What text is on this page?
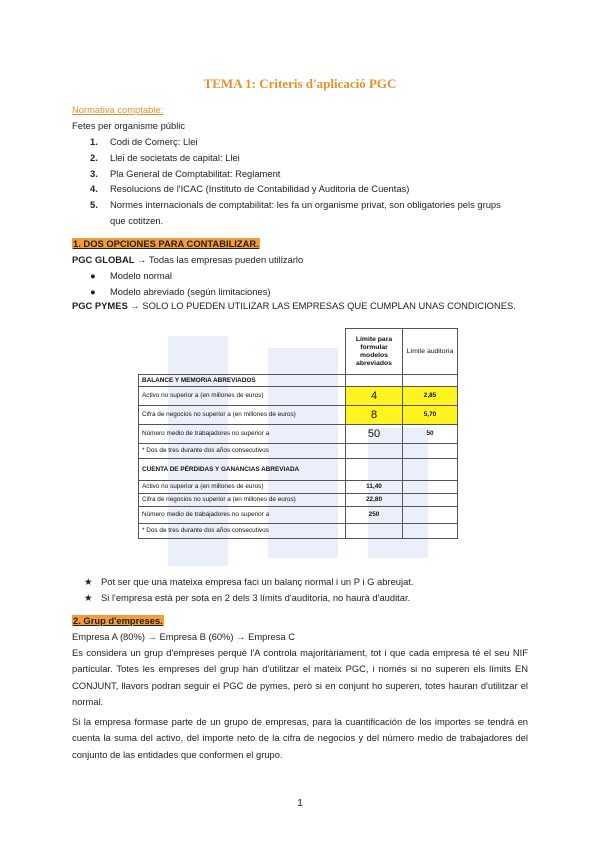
TEMA 1: Criteris d'aplicació PGC
Normativa comptable:
Fetes per organisme públic
1. Codi de Comerç: Llei
2. Llei de societats de capital: Llei
3. Pla General de Comptabilitat: Reglament
4. Resolucions de l'ICAC (Instituto de Contabilidad y Auditoria de Cuentas)
5. Normes internacionals de comptabilitat: les fa un organisme privat, son obligatories pels grups que cotitzen.
1. DOS OPCIONES PARA CONTABILIZAR.
PGC GLOBAL → Todas las empresas pueden utilizarlo
● Modelo normal
● Modelo abreviado (según limitaciones)
PGC PYMES → SOLO LO PUEDEN UTILIZAR LAS EMPRESAS QUE CUMPLAN UNAS CONDICIONES.
	Límite para formular modelos abreviados	Límite auditoría
BALANCE Y MEMORIA ABREVIADOS		
Activo no superior a (en millones de euros)	4	2,85
Cifra de negocios no superior a (en millones de euros)	8	5,70
Número medio de trabajadores no superior a	50	50
* Dos de tres durante dos años consecutivos		
CUENTA DE PÉRDIDAS Y GANANCIAS ABREVIADA		
Activo no superior a (en millones de euros)	11,40	
Cifra de negocios no superior a (en millones de euros)	22,80	
Número medio de trabajadores no superior a	250	
* Dos de tres durante dos años consecutivos		
★ Pot ser que una mateixa empresa faci un balanç normal i un P i G abreujat.
★ Si l'empresa està per sota en 2 dels 3 límits d'auditoria, no haurà d'auditar.
2. Grup d'empreses.
Empresa A (80%) → Empresa B (60%) → Empresa C
Es considera un grup d'empreses perquè l'A controla majoritàriament, tot i que cada empresa té el seu NIF particular. Totes les empreses del grup han d'utilitzar el mateix PGC, i només si no superen els límits EN CONJUNT, llavors podran seguir el PGC de pymes, però si en conjunt ho superen, totes hauran d'utilitzar el normal.
Si la empresa formase parte de un grupo de empresas, para la cuantificación de los importes se tendrá en cuenta la suma del activo, del importe neto de la cifra de negocios y del número medio de trabajadores del conjunto de las entidades que conformen el grupo.
1
